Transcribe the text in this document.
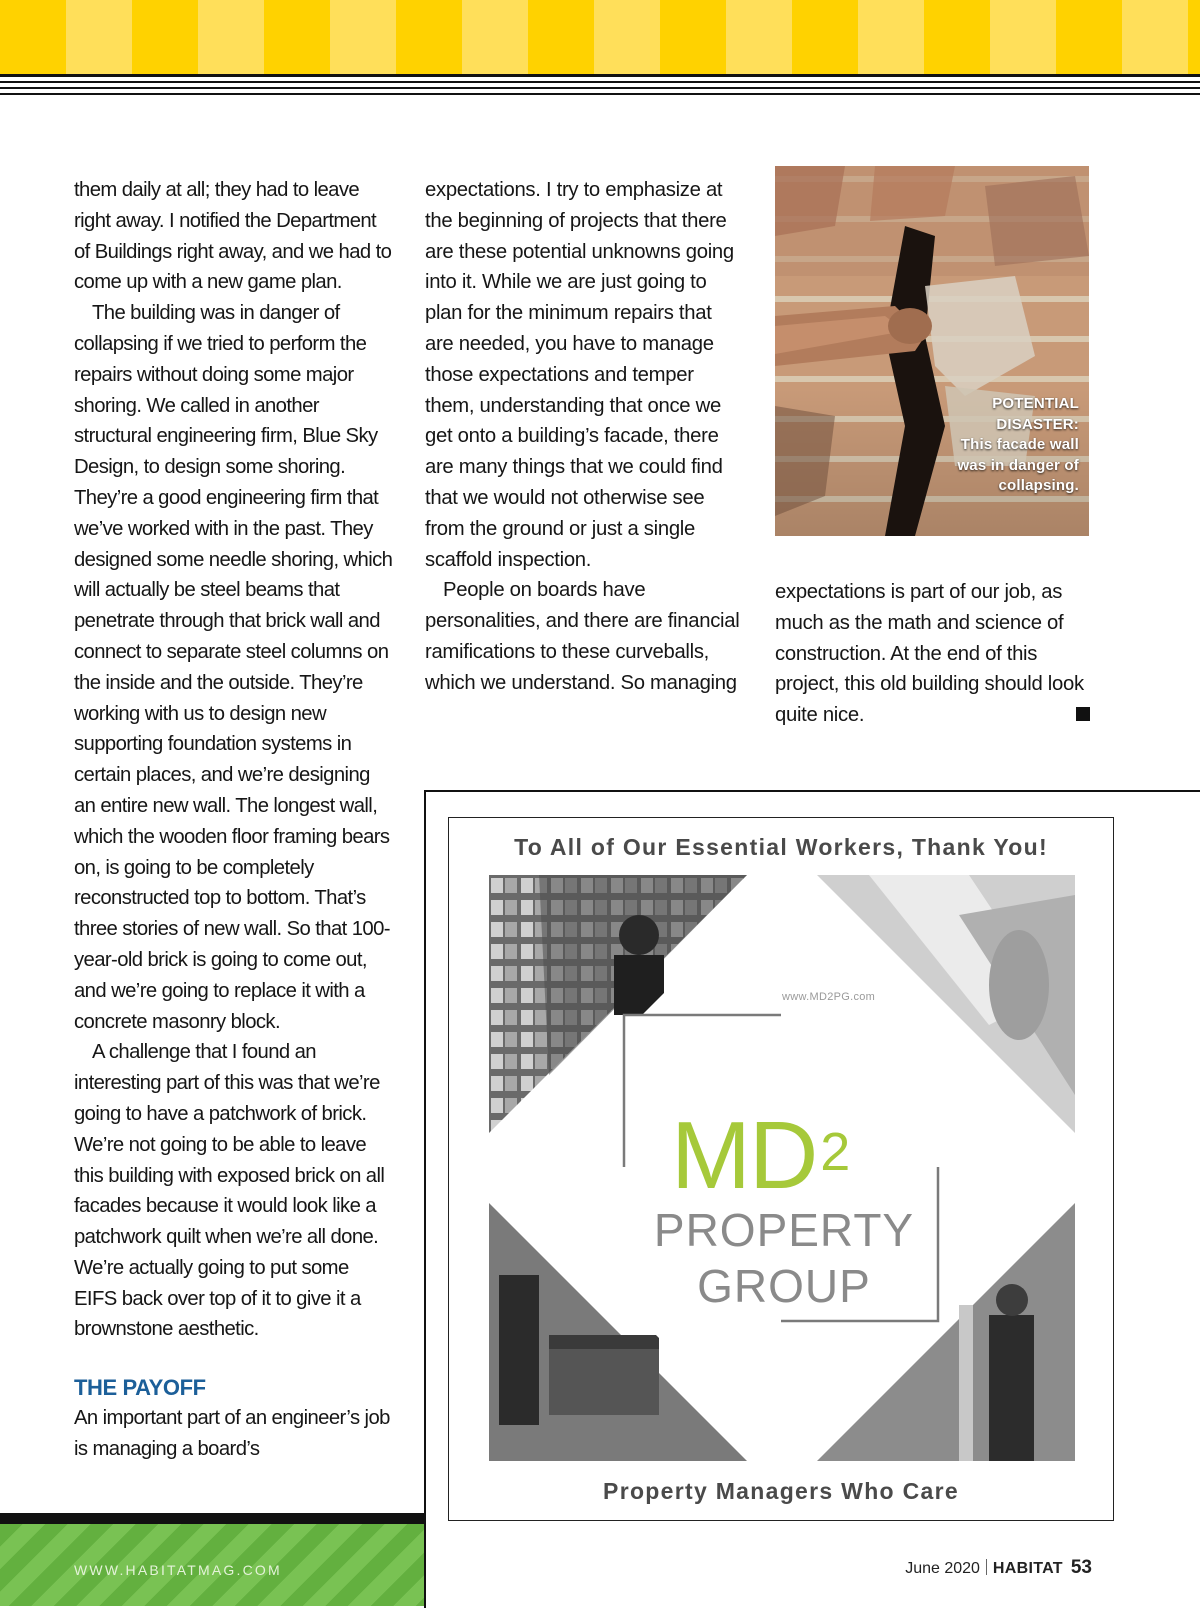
them daily at all; they had to leave right away. I notified the Department of Buildings right away, and we had to come up with a new game plan.

The building was in danger of collapsing if we tried to perform the repairs without doing some major shoring. We called in another structural engineering firm, Blue Sky Design, to design some shoring. They’re a good engineering firm that we’ve worked with in the past. They designed some needle shoring, which will actually be steel beams that penetrate through that brick wall and connect to separate steel columns on the inside and the outside. They’re working with us to design new supporting foundation systems in certain places, and we’re designing an entire new wall. The longest wall, which the wooden floor framing bears on, is going to be completely reconstructed top to bottom. That’s three stories of new wall. So that 100-year-old brick is going to come out, and we’re going to replace it with a concrete masonry block.

A challenge that I found an interesting part of this was that we’re going to have a patchwork of brick. We’re not going to be able to leave this building with exposed brick on all facades because it would look like a patchwork quilt when we’re all done. We’re actually going to put some EIFS back over top of it to give it a brownstone aesthetic.

THE PAYOFF

An important part of an engineer’s job is managing a board’s

expectations. I try to emphasize at the beginning of projects that there are these potential unknowns going into it. While we are just going to plan for the minimum repairs that are needed, you have to manage those expectations and temper them, understanding that once we get onto a building’s facade, there are many things that we could find that we would not otherwise see from the ground or just a single scaffold inspection.

People on boards have personalities, and there are financial ramifications to these curveballs, which we understand. So managing

POTENTIAL DISASTER:
This facade wall was in danger of collapsing.

expectations is part of our job, as much as the math and science of construction. At the end of this project, this old building should look quite nice.

To All of Our Essential Workers, Thank You!
www.MD2PG.com
$MD^2$
PROPERTY
GROUP
Property Managers Who Care
WWW.HABITATMAG.COM	June 2020 HABITAT 53
